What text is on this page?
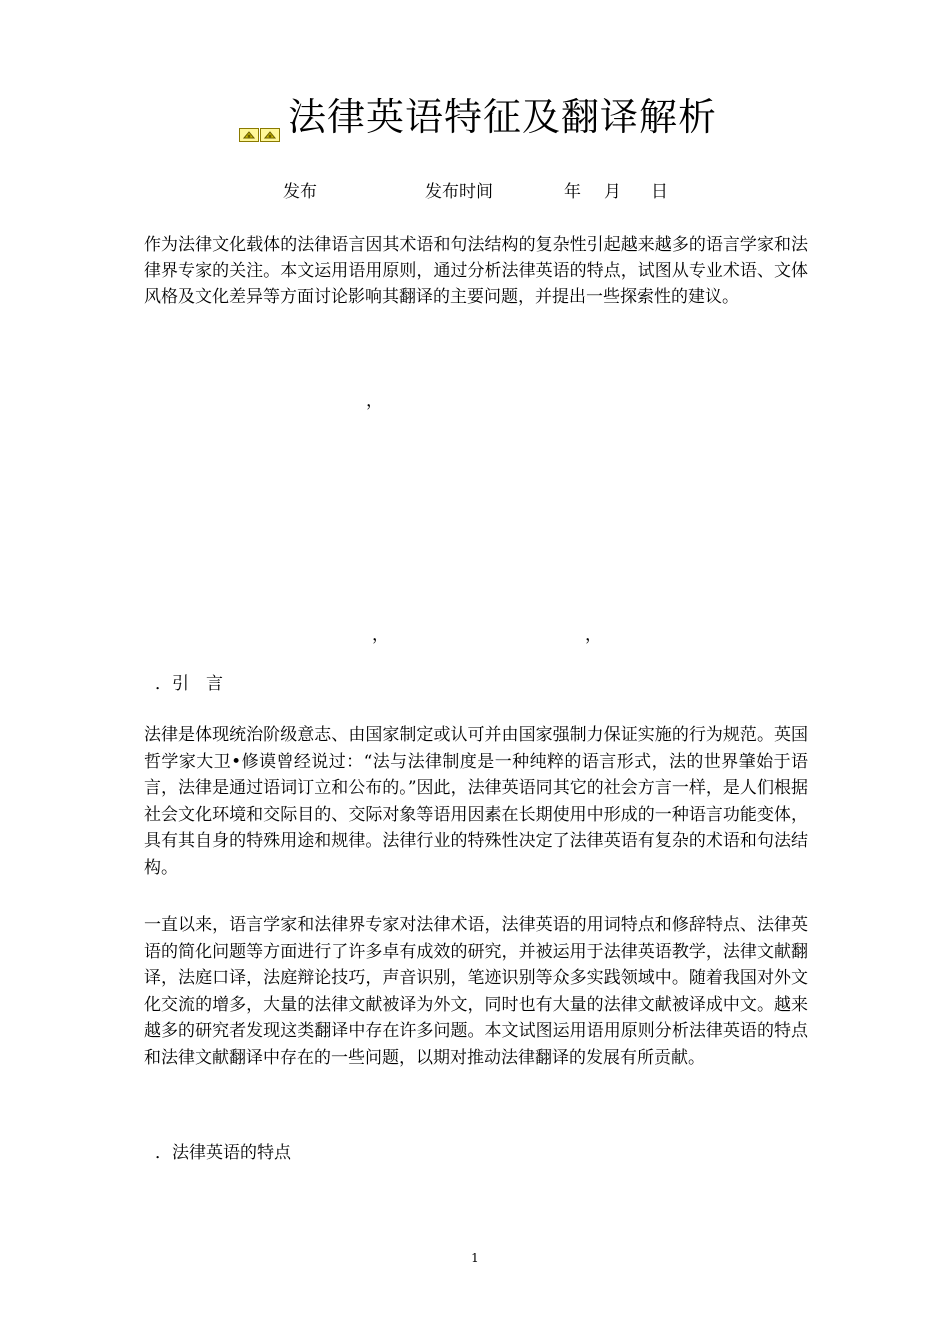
法律英语特征及翻译解析
发布	发布时间	年 月 日

作为法律文化载体的法律语言因其术语和句法结构的复杂性引起越来越多的语言学家和法律界专家的关注。本文运用语用原则，通过分析法律英语的特点，试图从专业术语、文体风格及文化差异等方面讨论影响其翻译的主要问题，并提出一些探索性的建议。

，
，	，
．引　言

法律是体现统治阶级意志、由国家制定或认可并由国家强制力保证实施的行为规范。英国哲学家大卫•修谟曾经说过：“法与法律制度是一种纯粹的语言形式，法的世界肇始于语言，法律是通过语词订立和公布的。”因此，法律英语同其它的社会方言一样，是人们根据社会文化环境和交际目的、交际对象等语用因素在长期使用中形成的一种语言功能变体，具有其自身的特殊用途和规律。法律行业的特殊性决定了法律英语有复杂的术语和句法结构。

一直以来，语言学家和法律界专家对法律术语，法律英语的用词特点和修辞特点、法律英语的简化问题等方面进行了许多卓有成效的研究，并被运用于法律英语教学，法律文献翻译，法庭口译，法庭辩论技巧，声音识别，笔迹识别等众多实践领域中。随着我国对外文化交流的增多，大量的法律文献被译为外文，同时也有大量的法律文献被译成中文。越来越多的研究者发现这类翻译中存在许多问题。本文试图运用语用原则分析法律英语的特点和法律文献翻译中存在的一些问题，以期对推动法律翻译的发展有所贡献。

．法律英语的特点
1
